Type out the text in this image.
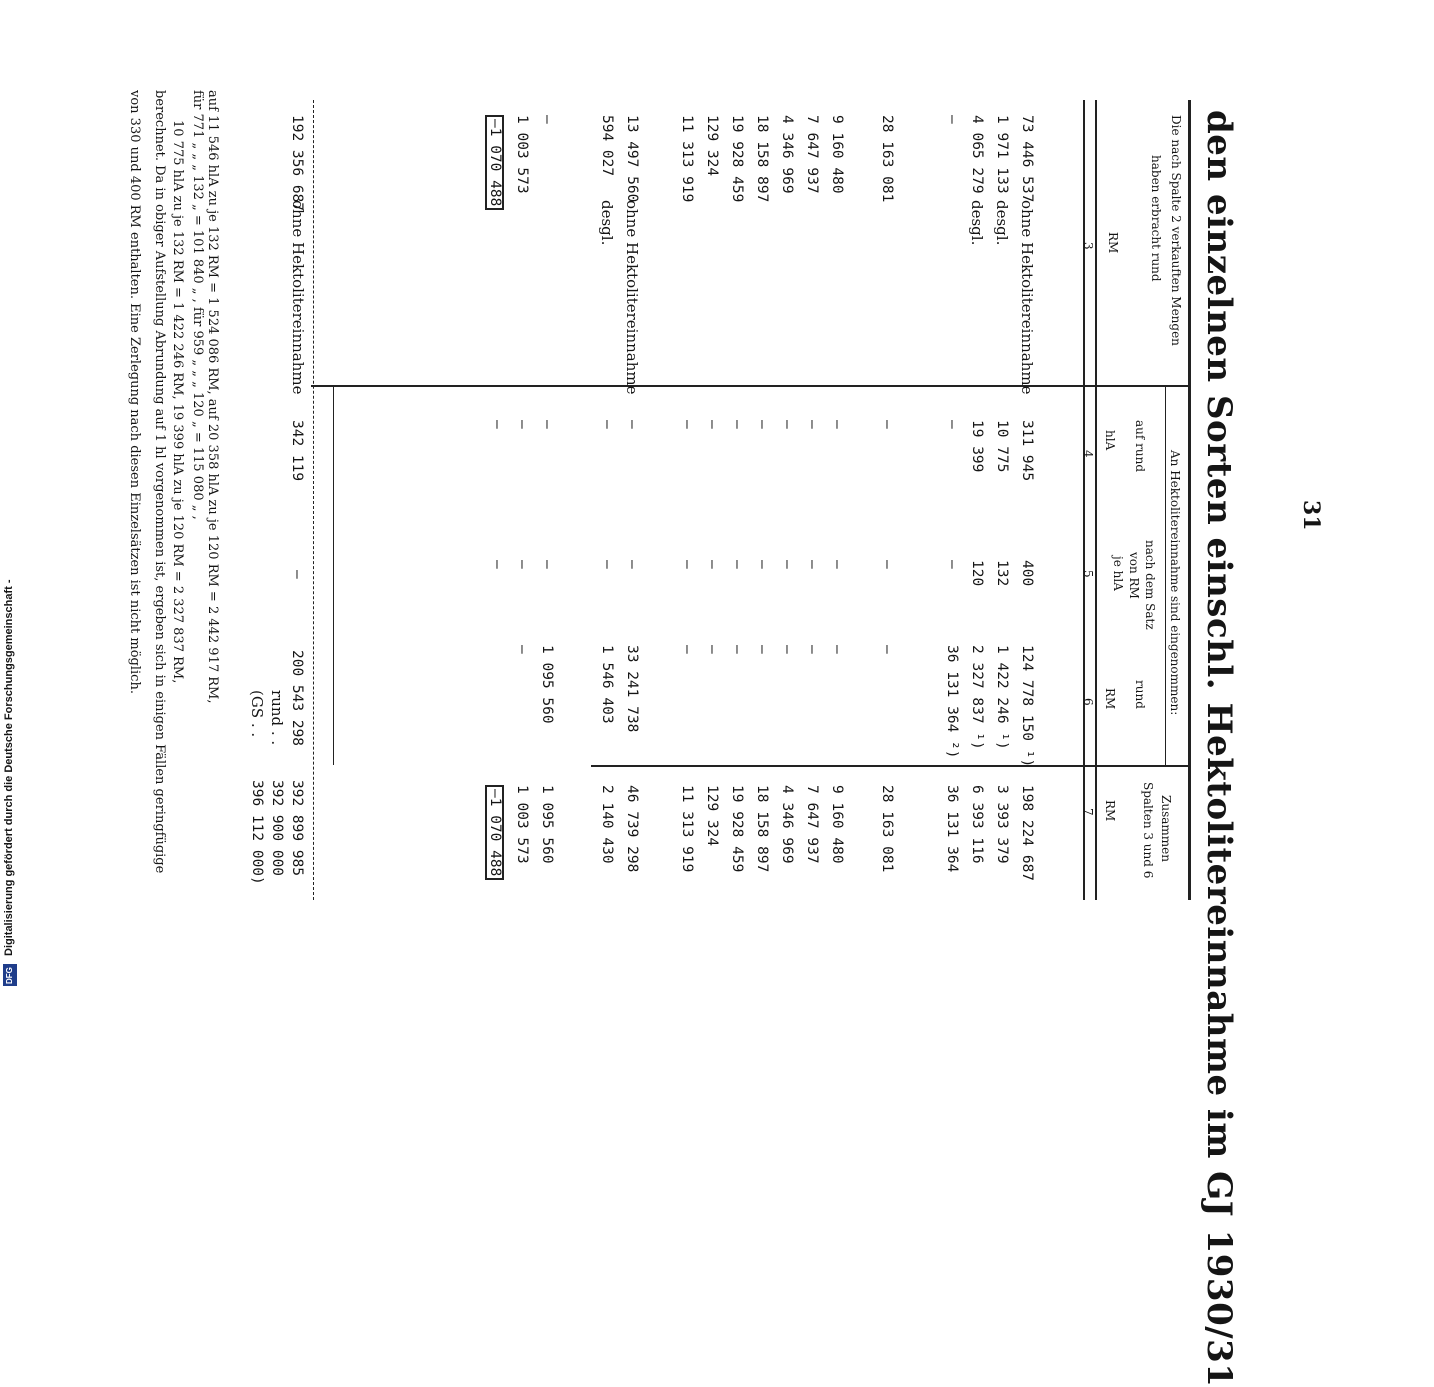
31
den einzelnen Sorten einschl. Hektolitereinnahme im GJ 1930/31
Die nach Spalte 2 verkauften Mengen
haben erbracht rund
RM
3
An Hektolitereinnahme sind eingenommen:
auf rund
hlA
4
nach dem Satz
von RM
je hlA
5
rund
RM
6
Zusammen
Spalten 3 und 6
RM
7
73 446 537
ohne Hektolitereinnahme
311 945
400
124 778 150 ¹)
198 224 687
1 971 133
desgl.
10 775
132
1 422 246 ¹)
3 393 379
4 065 279
desgl.
19 399
120
2 327 837 ¹)
6 393 116
—
—
—
36 131 364 ²)
36 131 364
28 163 081
—
—
—
28 163 081
9 160 480
—
—
—
9 160 480
7 647 937
—
—
—
7 647 937
4 346 969
—
—
—
4 346 969
18 158 897
—
—
—
18 158 897
19 928 459
—
—
—
19 928 459
129 324
—
—
—
129 324
11 313 919
—
—
—
11 313 919
13 497 560
ohne Hektolitereinnahme
—
—
33 241 738
46 739 298
594 027
desgl.
—
—
1 546 403
2 140 430
—
—
—
1 095 560
1 095 560
1 003 573
—
—
—
1 003 573
–1 070 488
—
—
–1 070 488
192 356 687
ohne Hektolitereinnahme
342 119
—
200 543 298
392 899 985
rund . .
392 900 000
(GS . .
396 112 000)
auf 11 546 hlA zu je 132 RM = 1 524 086 RM, auf 20 358 hlA zu je 120 RM = 2 442 917 RM,
für 771 „ „ „ 132 „ = 101 840 „ , für 959 „ „ „ 120 „ = 115 080 „ ,
10 775 hlA zu je 132 RM = 1 422 246 RM, 19 399 hlA zu je 120 RM = 2 327 837 RM,
berechnet. Da in obiger Aufstellung Abrundung auf 1 hl vorgenommen ist, ergeben sich in einigen Fällen geringfügige
von 330 und 400 RM enthalten. Eine Zerlegung nach diesen Einzelsätzen ist nicht möglich.
Digitalisierung gefördert durch die Deutsche Forschungsgemeinschaft -
DFG
